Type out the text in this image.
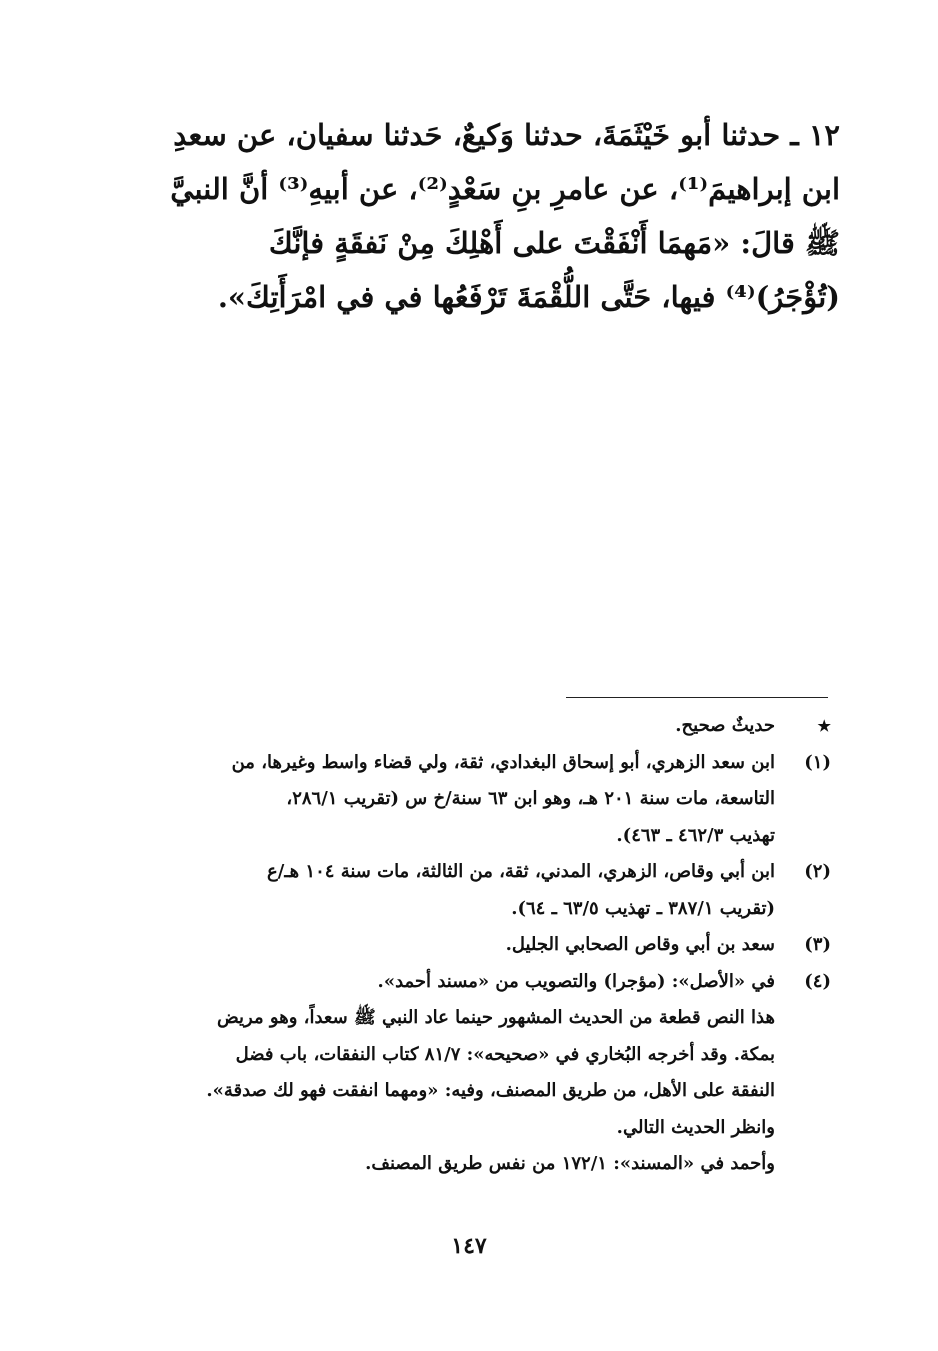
١٢ ـ حدثنا أبو خَيْثَمَةَ، حدثنا وَكيعٌ، حَدثنا سفيان، عن سعدِ
ابن إبراهيمَ⁽¹⁾، عن عامرِ بنِ سَعْدٍ⁽²⁾، عن أبيهِ⁽³⁾ أنَّ النبيَّ
ﷺ قالَ: «مَهمَا أَنْفَقْتَ على أَهْلِكَ مِنْ نَفقَةٍ فإنَّكَ
(تُؤْجَرُ)⁽⁴⁾ فيها، حَتَّى اللُّقْمَةَ تَرْفَعُها في في امْرَأَتِكَ».
★
حديثٌ صحيح.
(١)
ابن سعد الزهري، أبو إسحاق البغدادي، ثقة، ولي قضاء واسط وغيرها، من
التاسعة، مات سنة ٢٠١ هـ، وهو ابن ٦٣ سنة/خ س (تقريب ٢٨٦/١،
تهذيب ٤٦٢/٣ ـ ٤٦٣).
(٢)
ابن أبي وقاص، الزهري، المدني، ثقة، من الثالثة، مات سنة ١٠٤ هـ/ع
(تقريب ٣٨٧/١ ـ تهذيب ٦٣/٥ ـ ٦٤).
(٣)
سعد بن أبي وقاص الصحابي الجليل.
(٤)
في «الأصل»: (مؤجرا) والتصويب من «مسند أحمد».
هذا النص قطعة من الحديث المشهور حينما عاد النبي ﷺ سعداً، وهو مريض
بمكة. وقد أخرجه البُخاري في «صحيحه»: ٨١/٧ كتاب النفقات، باب فضل
النفقة على الأهل، من طريق المصنف، وفيه: «ومهما انفقت فهو لك صدقة».
وانظر الحديث التالي.
وأحمد في «المسند»: ١٧٢/١ من نفس طريق المصنف.
١٤٧
